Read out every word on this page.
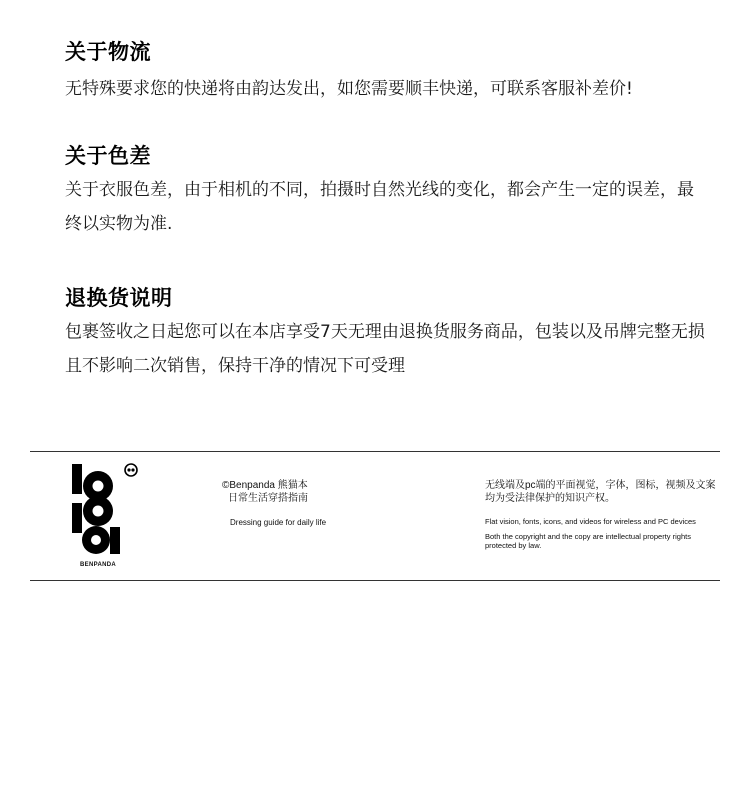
关于物流

无特殊要求您的快递将由韵达发出，如您需要顺丰快递，可联系客服补差价!

关于色差

关于衣服色差，由于相机的不同，拍摄时自然光线的变化，都会产生一定的误差，最终以实物为准.

退换货说明

包裹签收之日起您可以在本店享受7天无理由退换货服务商品，包装以及吊牌完整无损且不影响二次销售，保持干净的情况下可受理

BENPANDA
©Benpanda 熊猫本
日常生活穿搭指南
Dressing guide for daily life
无线端及pc端的平面视觉，字体，图标，视频及文案均为受法律保护的知识产权。
Flat vision, fonts, icons, and videos for wireless and PC devices
Both the copyright and the copy are intellectual property rights protected by law.
